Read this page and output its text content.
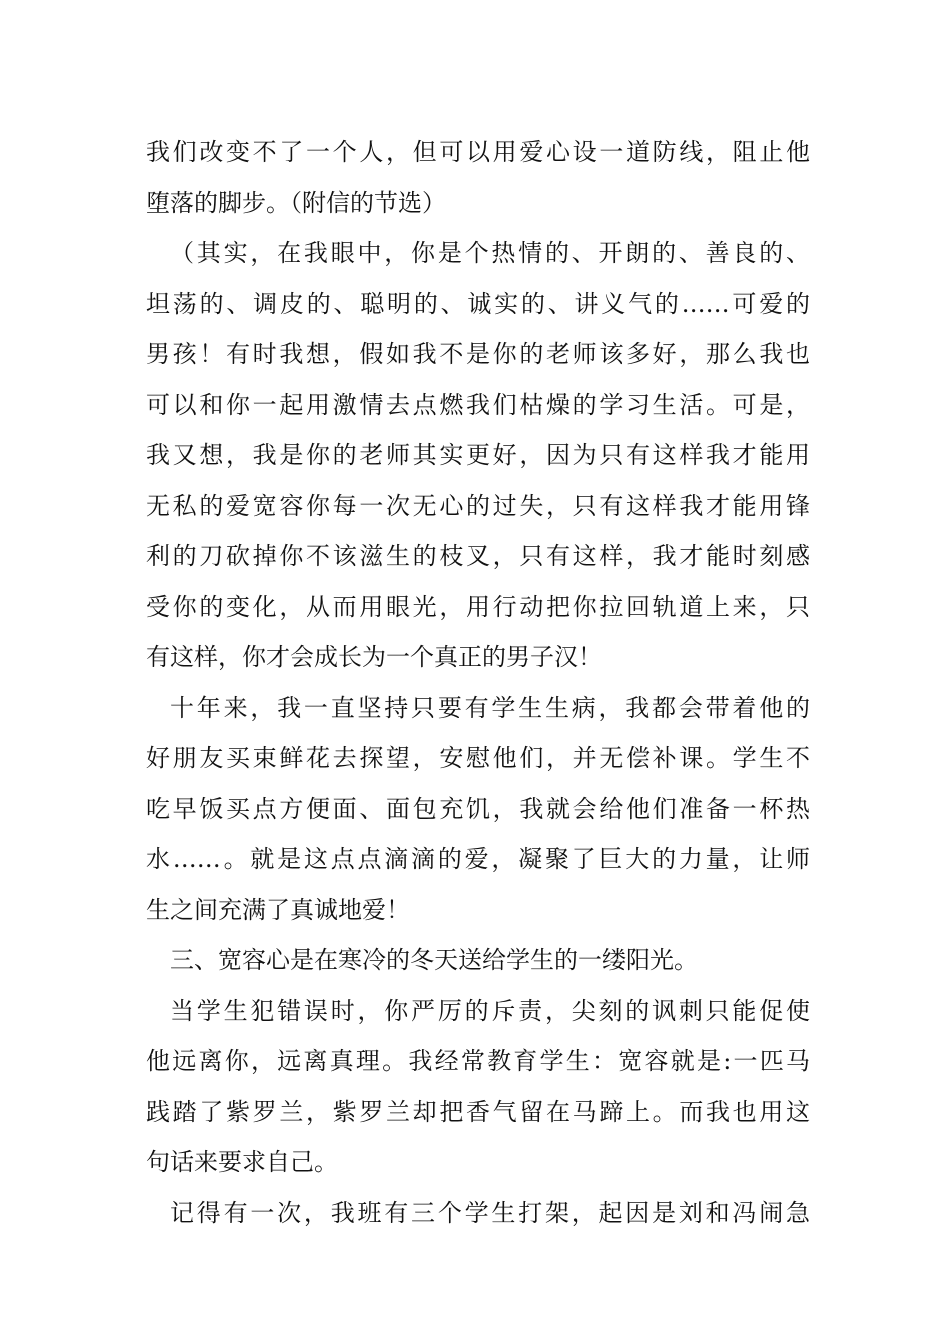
我们改变不了一个人，但可以用爱心设一道防线，阻止他
堕落的脚步。（附信的节选）
（其实，在我眼中，你是个热情的、开朗的、善良的、
坦荡的、调皮的、聪明的、诚实的、讲义气的……可爱的
男孩！有时我想，假如我不是你的老师该多好，那么我也
可以和你一起用激情去点燃我们枯燥的学习生活。可是，
我又想，我是你的老师其实更好，因为只有这样我才能用
无私的爱宽容你每一次无心的过失，只有这样我才能用锋
利的刀砍掉你不该滋生的枝叉，只有这样，我才能时刻感
受你的变化，从而用眼光，用行动把你拉回轨道上来，只
有这样，你才会成长为一个真正的男子汉！
十年来，我一直坚持只要有学生生病，我都会带着他的
好朋友买束鲜花去探望，安慰他们，并无偿补课。学生不
吃早饭买点方便面、面包充饥，我就会给他们准备一杯热
水……。就是这点点滴滴的爱，凝聚了巨大的力量，让师
生之间充满了真诚地爱！
三、宽容心是在寒冷的冬天送给学生的一缕阳光。
当学生犯错误时，你严厉的斥责，尖刻的讽刺只能促使
他远离你，远离真理。我经常教育学生：宽容就是:一匹马
践踏了紫罗兰，紫罗兰却把香气留在马蹄上。而我也用这
句话来要求自己。
记得有一次，我班有三个学生打架，起因是刘和冯闹急
